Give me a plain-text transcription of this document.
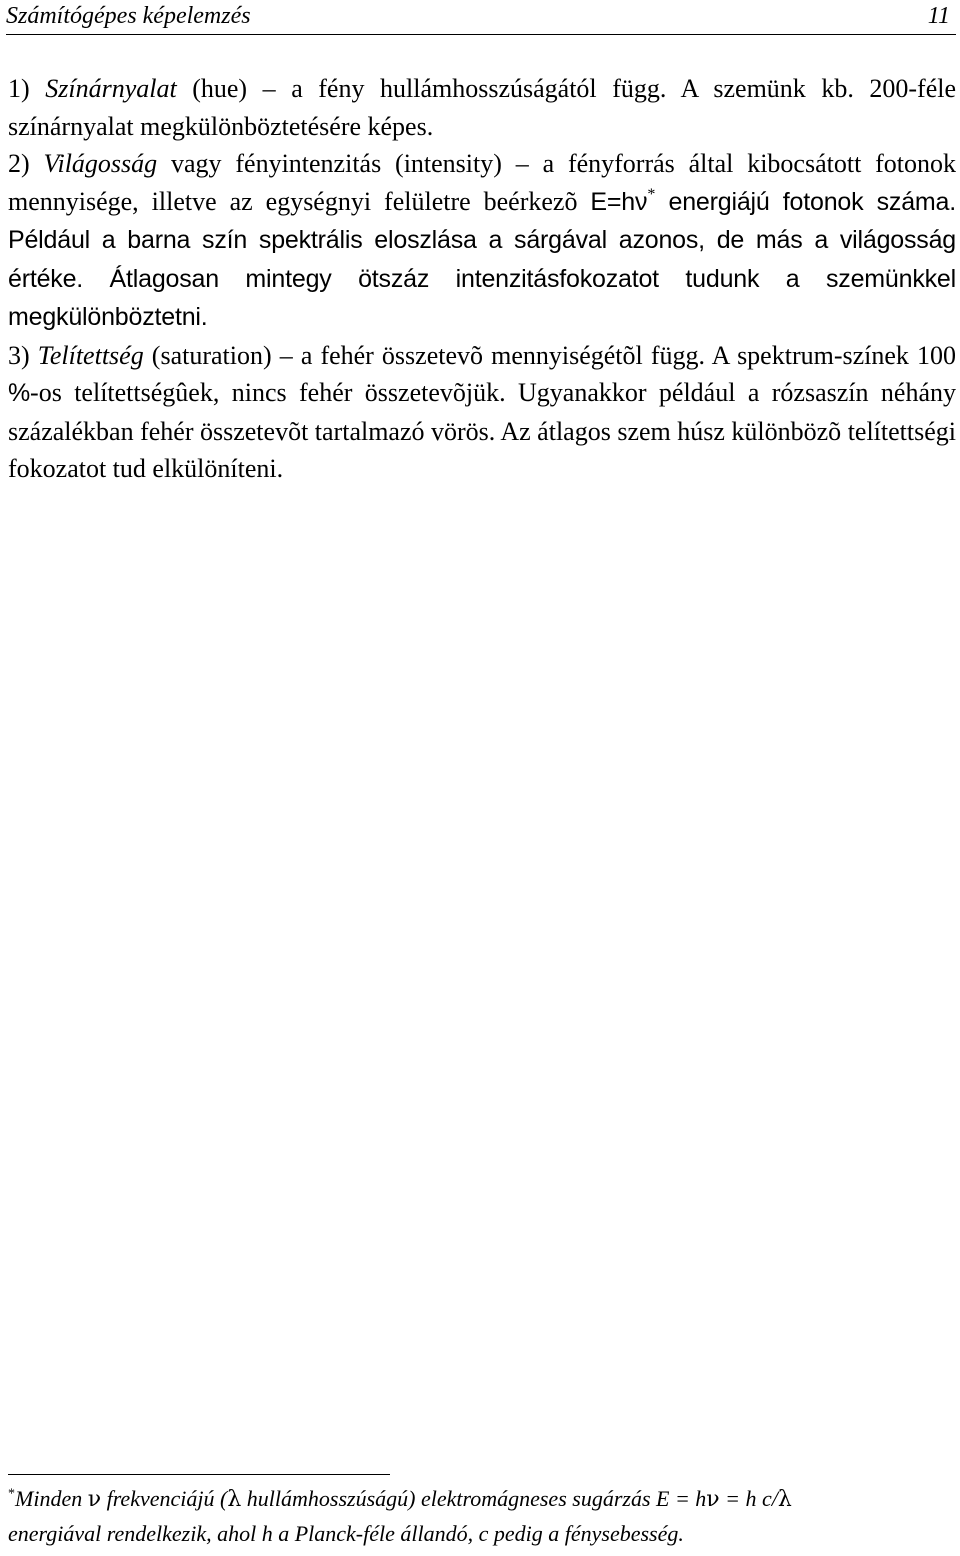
Számítógépes képelemzés	11

1) Színárnyalat (hue) – a fény hullámhosszúságától függ. A szemünk kb. 200-féle színárnyalat megkülönböztetésére képes.

2) Világosság vagy fényintenzitás (intensity) – a fényforrás által kibocsátott fotonok mennyisége, illetve az egységnyi felületre beérkezõ E=hν* energiájú fotonok száma. Például a barna szín spektrális eloszlása a sárgával azonos, de más a világosság értéke. Átlagosan mintegy ötszáz intenzitásfokozatot tudunk a szemünkkel megkülönböztetni.

3) Telítettség (saturation) – a fehér összetevõ mennyiségétõl függ. A spektrum-színek 100 %-os telítettségûek, nincs fehér összetevõjük. Ugyanakkor például a rózsaszín néhány százalékban fehér összetevõt tartalmazó vörös. Az átlagos szem húsz különbözõ telítettségi fokozatot tud elkülöníteni.

*Minden ν frekvenciájú (λ hullámhosszúságú) elektromágneses sugárzás E = hν = h c/λ

energiával rendelkezik, ahol h a Planck-féle állandó, c pedig a fénysebesség.
